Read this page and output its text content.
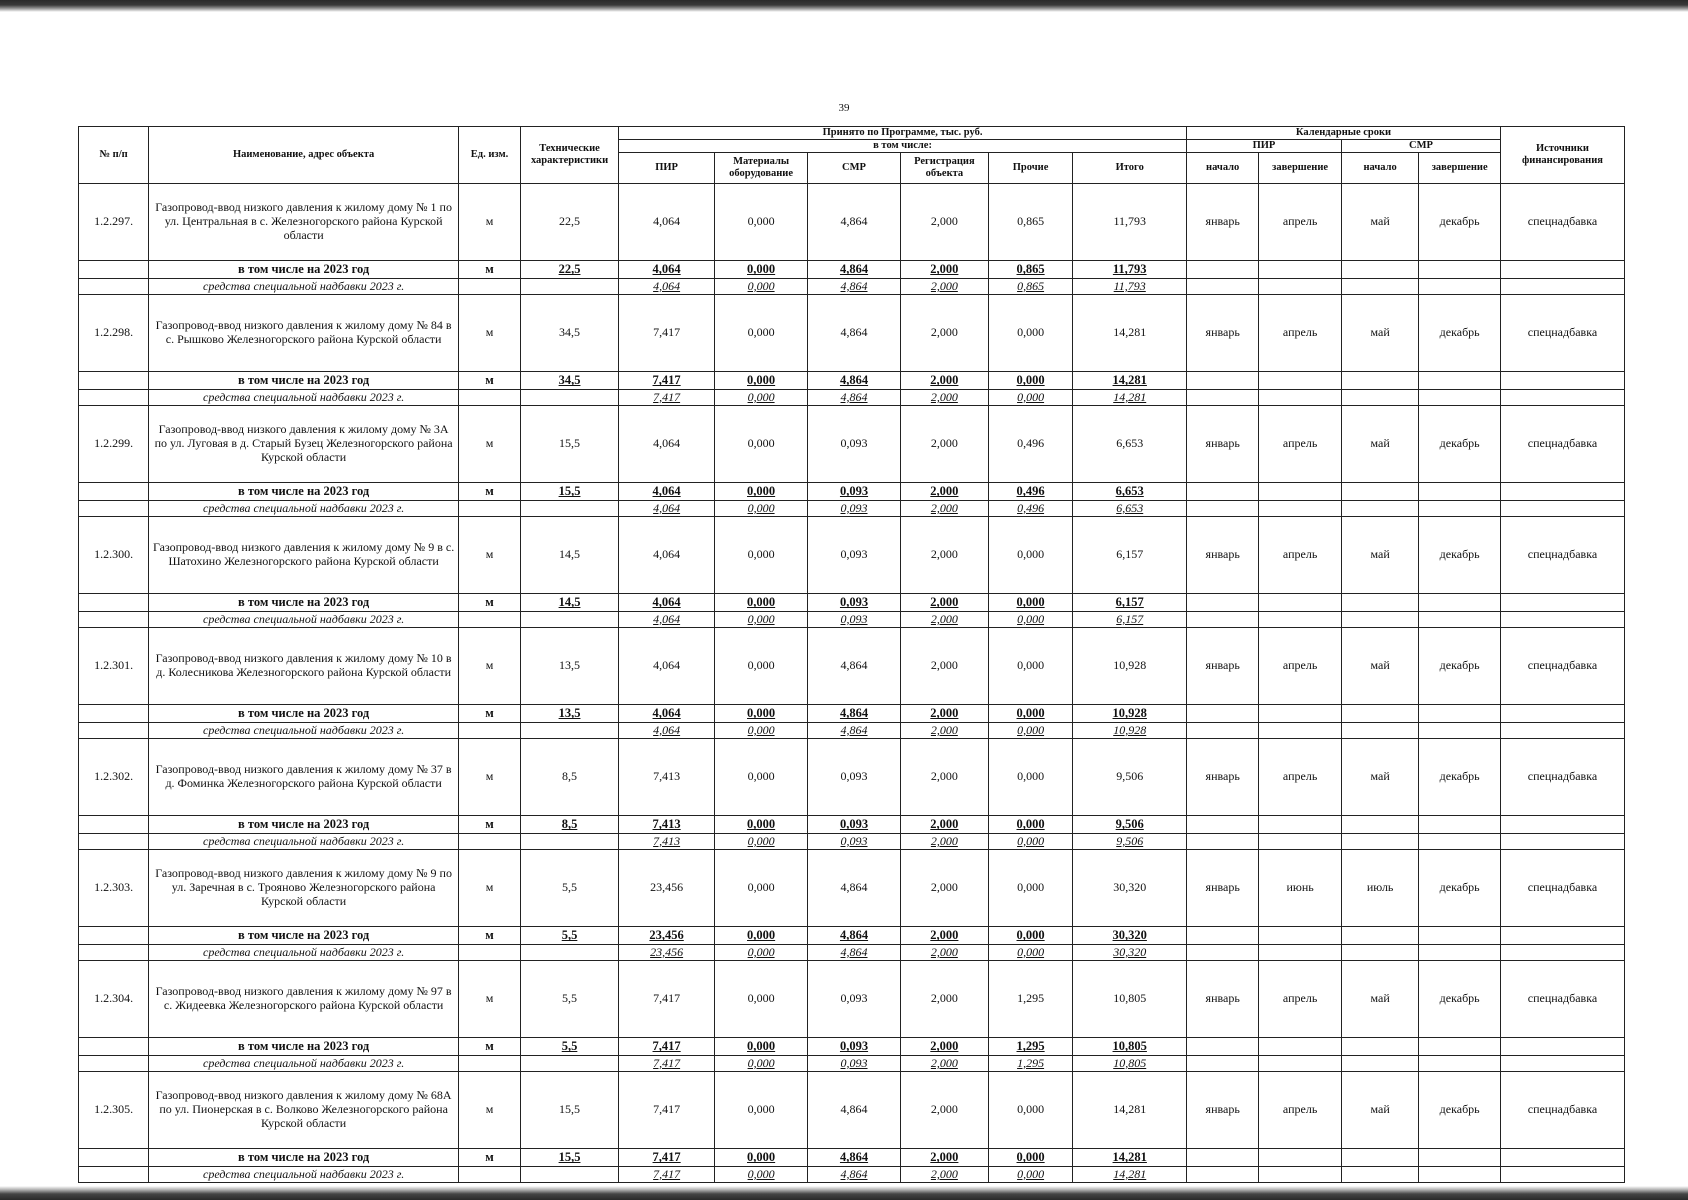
39
№ п/п	Наименование, адрес объекта	Ед. изм.	Технические характеристики	Принято по Программе, тыс. руб.						Календарные сроки				Источники финансирования
				в том числе:						ПИР		СМР		
				ПИР	Материалы оборудование	СМР	Регистрация объекта	Прочие	Итого	начало	завершение	начало	завершение	
1.2.297.	Газопровод-ввод низкого давления к жилому дому № 1 по ул. Центральная в с. Железногорского района Курской области	м	22,5	4,064	0,000	4,864	2,000	0,865	11,793	январь	апрель	май	декабрь	спецнадбавка
	в том числе на 2023 год	м	22,5	4,064	0,000	4,864	2,000	0,865	11,793					
	средства специальной надбавки 2023 г.			4,064	0,000	4,864	2,000	0,865	11,793					
1.2.298.	Газопровод-ввод низкого давления к жилому дому № 84 в с. Рышково Железногорского района Курской области	м	34,5	7,417	0,000	4,864	2,000	0,000	14,281	январь	апрель	май	декабрь	спецнадбавка
	в том числе на 2023 год	м	34,5	7,417	0,000	4,864	2,000	0,000	14,281					
	средства специальной надбавки 2023 г.			7,417	0,000	4,864	2,000	0,000	14,281					
1.2.299.	Газопровод-ввод низкого давления к жилому дому № 3А по ул. Луговая в д. Старый Бузец Железногорского района Курской области	м	15,5	4,064	0,000	0,093	2,000	0,496	6,653	январь	апрель	май	декабрь	спецнадбавка
	в том числе на 2023 год	м	15,5	4,064	0,000	0,093	2,000	0,496	6,653					
	средства специальной надбавки 2023 г.			4,064	0,000	0,093	2,000	0,496	6,653					
1.2.300.	Газопровод-ввод низкого давления к жилому дому № 9 в с. Шатохино Железногорского района Курской области	м	14,5	4,064	0,000	0,093	2,000	0,000	6,157	январь	апрель	май	декабрь	спецнадбавка
	в том числе на 2023 год	м	14,5	4,064	0,000	0,093	2,000	0,000	6,157					
	средства специальной надбавки 2023 г.			4,064	0,000	0,093	2,000	0,000	6,157					
1.2.301.	Газопровод-ввод низкого давления к жилому дому № 10 в д. Колесникова Железногорского района Курской области	м	13,5	4,064	0,000	4,864	2,000	0,000	10,928	январь	апрель	май	декабрь	спецнадбавка
	в том числе на 2023 год	м	13,5	4,064	0,000	4,864	2,000	0,000	10,928					
	средства специальной надбавки 2023 г.			4,064	0,000	4,864	2,000	0,000	10,928					
1.2.302.	Газопровод-ввод низкого давления к жилому дому № 37 в д. Фоминка Железногорского района Курской области	м	8,5	7,413	0,000	0,093	2,000	0,000	9,506	январь	апрель	май	декабрь	спецнадбавка
	в том числе на 2023 год	м	8,5	7,413	0,000	0,093	2,000	0,000	9,506					
	средства специальной надбавки 2023 г.			7,413	0,000	0,093	2,000	0,000	9,506					
1.2.303.	Газопровод-ввод низкого давления к жилому дому № 9 по ул. Заречная в с. Трояново Железногорского района Курской области	м	5,5	23,456	0,000	4,864	2,000	0,000	30,320	январь	июнь	июль	декабрь	спецнадбавка
	в том числе на 2023 год	м	5,5	23,456	0,000	4,864	2,000	0,000	30,320					
	средства специальной надбавки 2023 г.			23,456	0,000	4,864	2,000	0,000	30,320					
1.2.304.	Газопровод-ввод низкого давления к жилому дому № 97 в с. Жидеевка Железногорского района Курской области	м	5,5	7,417	0,000	0,093	2,000	1,295	10,805	январь	апрель	май	декабрь	спецнадбавка
	в том числе на 2023 год	м	5,5	7,417	0,000	0,093	2,000	1,295	10,805					
	средства специальной надбавки 2023 г.			7,417	0,000	0,093	2,000	1,295	10,805					
1.2.305.	Газопровод-ввод низкого давления к жилому дому № 68А по ул. Пионерская в с. Волково Железногорского района Курской области	м	15,5	7,417	0,000	4,864	2,000	0,000	14,281	январь	апрель	май	декабрь	спецнадбавка
	в том числе на 2023 год	м	15,5	7,417	0,000	4,864	2,000	0,000	14,281					
	средства специальной надбавки 2023 г.			7,417	0,000	4,864	2,000	0,000	14,281					
